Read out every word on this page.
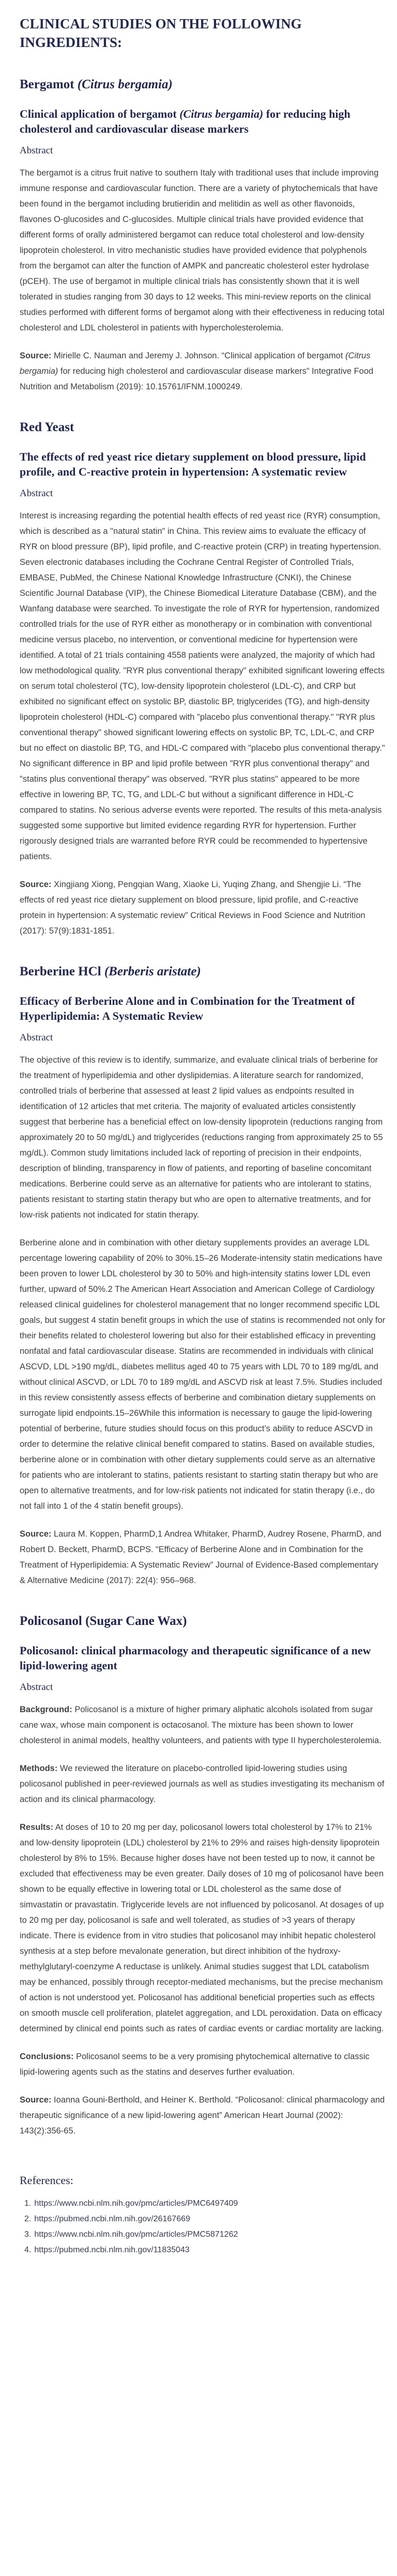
CLINICAL STUDIES ON THE FOLLOWING INGREDIENTS:
Bergamot (Citrus bergamia)
Clinical application of bergamot (Citrus bergamia) for reducing high cholesterol and cardiovascular disease markers
Abstract

The bergamot is a citrus fruit native to southern Italy with traditional uses that include improving immune response and cardiovascular function. There are a variety of phytochemicals that have been found in the bergamot including brutieridin and melitidin as well as other flavonoids, flavones O-glucosides and C-glucosides. Multiple clinical trials have provided evidence that different forms of orally administered bergamot can reduce total cholesterol and low-density lipoprotein cholesterol. In vitro mechanistic studies have provided evidence that polyphenols from the bergamot can alter the function of AMPK and pancreatic cholesterol ester hydrolase (pCEH). The use of bergamot in multiple clinical trials has consistently shown that it is well tolerated in studies ranging from 30 days to 12 weeks. This mini-review reports on the clinical studies performed with different forms of bergamot along with their effectiveness in reducing total cholesterol and LDL cholesterol in patients with hypercholesterolemia.

Source: Mirielle C. Nauman and Jeremy J. Johnson. “Clinical application of bergamot (Citrus bergamia) for reducing high cholesterol and cardiovascular disease markers” Integrative Food Nutrition and Metabolism (2019): 10.15761/IFNM.1000249.

Red Yeast
The effects of red yeast rice dietary supplement on blood pressure, lipid profile, and C-reactive protein in hypertension: A systematic review
Abstract

Interest is increasing regarding the potential health effects of red yeast rice (RYR) consumption, which is described as a "natural statin" in China. This review aims to evaluate the efficacy of RYR on blood pressure (BP), lipid profile, and C-reactive protein (CRP) in treating hypertension. Seven electronic databases including the Cochrane Central Register of Controlled Trials, EMBASE, PubMed, the Chinese National Knowledge Infrastructure (CNKI), the Chinese Scientific Journal Database (VIP), the Chinese Biomedical Literature Database (CBM), and the Wanfang database were searched. To investigate the role of RYR for hypertension, randomized controlled trials for the use of RYR either as monotherapy or in combination with conventional medicine versus placebo, no intervention, or conventional medicine for hypertension were identified. A total of 21 trials containing 4558 patients were analyzed, the majority of which had low methodological quality. "RYR plus conventional therapy" exhibited significant lowering effects on serum total cholesterol (TC), low-density lipoprotein cholesterol (LDL-C), and CRP but exhibited no significant effect on systolic BP, diastolic BP, triglycerides (TG), and high-density lipoprotein cholesterol (HDL-C) compared with "placebo plus conventional therapy." "RYR plus conventional therapy" showed significant lowering effects on systolic BP, TC, LDL-C, and CRP but no effect on diastolic BP, TG, and HDL-C compared with "placebo plus conventional therapy." No significant difference in BP and lipid profile between "RYR plus conventional therapy" and "statins plus conventional therapy" was observed. "RYR plus statins" appeared to be more effective in lowering BP, TC, TG, and LDL-C but without a significant difference in HDL-C compared to statins. No serious adverse events were reported. The results of this meta-analysis suggested some supportive but limited evidence regarding RYR for hypertension. Further rigorously designed trials are warranted before RYR could be recommended to hypertensive patients.

Source: Xingjiang Xiong, Pengqian Wang, Xiaoke Li, Yuqing Zhang, and Shengjie Li. “The effects of red yeast rice dietary supplement on blood pressure, lipid profile, and C-reactive protein in hypertension: A systematic review” Critical Reviews in Food Science and Nutrition (2017): 57(9):1831-1851.

Berberine HCl (Berberis aristate)
Efficacy of Berberine Alone and in Combination for the Treatment of Hyperlipidemia: A Systematic Review
Abstract

The objective of this review is to identify, summarize, and evaluate clinical trials of berberine for the treatment of hyperlipidemia and other dyslipidemias. A literature search for randomized, controlled trials of berberine that assessed at least 2 lipid values as endpoints resulted in identification of 12 articles that met criteria. The majority of evaluated articles consistently suggest that berberine has a beneficial effect on low-density lipoprotein (reductions ranging from approximately 20 to 50 mg/dL) and triglycerides (reductions ranging from approximately 25 to 55 mg/dL). Common study limitations included lack of reporting of precision in their endpoints, description of blinding, transparency in flow of patients, and reporting of baseline concomitant medications. Berberine could serve as an alternative for patients who are intolerant to statins, patients resistant to starting statin therapy but who are open to alternative treatments, and for low-risk patients not indicated for statin therapy.

Berberine alone and in combination with other dietary supplements provides an average LDL percentage lowering capability of 20% to 30%.15–26 Moderate-intensity statin medications have been proven to lower LDL cholesterol by 30 to 50% and high-intensity statins lower LDL even further, upward of 50%.2 The American Heart Association and American College of Cardiology released clinical guidelines for cholesterol management that no longer recommend specific LDL goals, but suggest 4 statin benefit groups in which the use of statins is recommended not only for their benefits related to cholesterol lowering but also for their established efficacy in preventing nonfatal and fatal cardiovascular disease. Statins are recommended in individuals with clinical ASCVD, LDL >190 mg/dL, diabetes mellitus aged 40 to 75 years with LDL 70 to 189 mg/dL and without clinical ASCVD, or LDL 70 to 189 mg/dL and ASCVD risk at least 7.5%. Studies included in this review consistently assess effects of berberine and combination dietary supplements on surrogate lipid endpoints.15–26While this information is necessary to gauge the lipid-lowering potential of berberine, future studies should focus on this product’s ability to reduce ASCVD in order to determine the relative clinical benefit compared to statins. Based on available studies, berberine alone or in combination with other dietary supplements could serve as an alternative for patients who are intolerant to statins, patients resistant to starting statin therapy but who are open to alternative treatments, and for low-risk patients not indicated for statin therapy (i.e., do not fall into 1 of the 4 statin benefit groups).

Source: Laura M. Koppen, PharmD,1 Andrea Whitaker, PharmD, Audrey Rosene, PharmD, and Robert D. Beckett, PharmD, BCPS. “Efficacy of Berberine Alone and in Combination for the Treatment of Hyperlipidemia: A Systematic Review” Journal of Evidence-Based complementary & Alternative Medicine (2017): 22(4): 956–968.

Policosanol (Sugar Cane Wax)
Policosanol: clinical pharmacology and therapeutic significance of a new lipid-lowering agent
Abstract

Background: Policosanol is a mixture of higher primary aliphatic alcohols isolated from sugar cane wax, whose main component is octacosanol. The mixture has been shown to lower cholesterol in animal models, healthy volunteers, and patients with type II hypercholesterolemia.

Methods: We reviewed the literature on placebo-controlled lipid-lowering studies using policosanol published in peer-reviewed journals as well as studies investigating its mechanism of action and its clinical pharmacology.

Results: At doses of 10 to 20 mg per day, policosanol lowers total cholesterol by 17% to 21% and low-density lipoprotein (LDL) cholesterol by 21% to 29% and raises high-density lipoprotein cholesterol by 8% to 15%. Because higher doses have not been tested up to now, it cannot be excluded that effectiveness may be even greater. Daily doses of 10 mg of policosanol have been shown to be equally effective in lowering total or LDL cholesterol as the same dose of simvastatin or pravastatin. Triglyceride levels are not influenced by policosanol. At dosages of up to 20 mg per day, policosanol is safe and well tolerated, as studies of >3 years of therapy indicate. There is evidence from in vitro studies that policosanol may inhibit hepatic cholesterol synthesis at a step before mevalonate generation, but direct inhibition of the hydroxy-methylglutaryl-coenzyme A reductase is unlikely. Animal studies suggest that LDL catabolism may be enhanced, possibly through receptor-mediated mechanisms, but the precise mechanism of action is not understood yet. Policosanol has additional beneficial properties such as effects on smooth muscle cell proliferation, platelet aggregation, and LDL peroxidation. Data on efficacy determined by clinical end points such as rates of cardiac events or cardiac mortality are lacking.

Conclusions: Policosanol seems to be a very promising phytochemical alternative to classic lipid-lowering agents such as the statins and deserves further evaluation.

Source: Ioanna Gouni-Berthold, and Heiner K. Berthold. “Policosanol: clinical pharmacology and therapeutic significance of a new lipid-lowering agent” American Heart Journal (2002): 143(2):356-65.

References:
1. https://www.ncbi.nlm.nih.gov/pmc/articles/PMC6497409
2. https://pubmed.ncbi.nlm.nih.gov/26167669
3. https://www.ncbi.nlm.nih.gov/pmc/articles/PMC5871262
4. https://pubmed.ncbi.nlm.nih.gov/11835043
